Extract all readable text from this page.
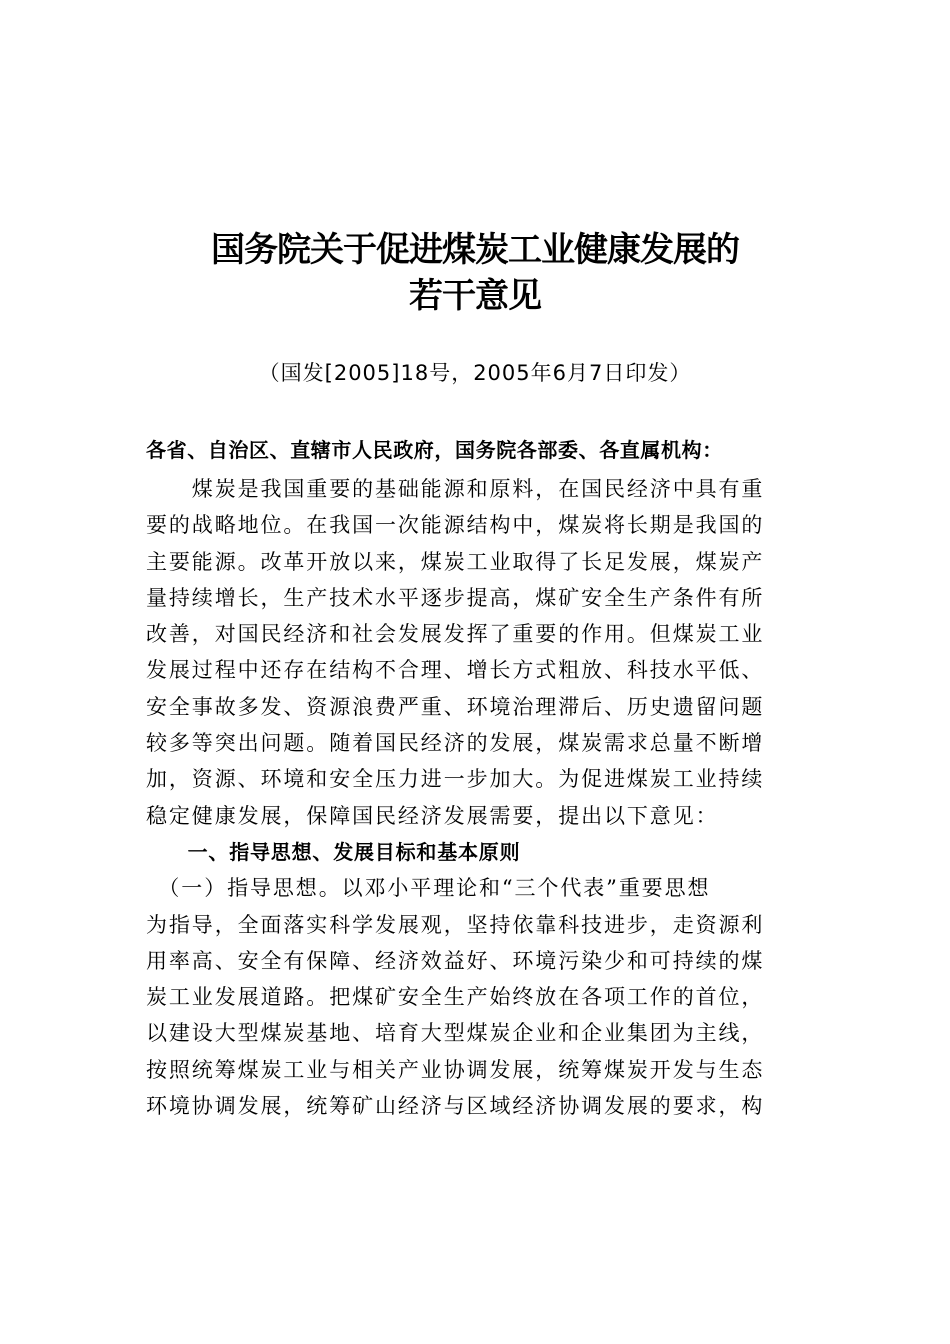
国务院关于促进煤炭工业健康发展的
若干意见
（国发[2005]18号，2005年6月7日印发）
各省、自治区、直辖市人民政府，国务院各部委、各直属机构：
　　煤炭是我国重要的基础能源和原料，在国民经济中具有重
要的战略地位。在我国一次能源结构中，煤炭将长期是我国的
主要能源。改革开放以来，煤炭工业取得了长足发展，煤炭产
量持续增长，生产技术水平逐步提高，煤矿安全生产条件有所
改善，对国民经济和社会发展发挥了重要的作用。但煤炭工业
发展过程中还存在结构不合理、增长方式粗放、科技水平低、
安全事故多发、资源浪费严重、环境治理滞后、历史遗留问题
较多等突出问题。随着国民经济的发展，煤炭需求总量不断增
加，资源、环境和安全压力进一步加大。为促进煤炭工业持续
稳定健康发展，保障国民经济发展需要，提出以下意见：
　　一、指导思想、发展目标和基本原则
　（一）指导思想。以邓小平理论和“三个代表”重要思想
为指导，全面落实科学发展观，坚持依靠科技进步，走资源利
用率高、安全有保障、经济效益好、环境污染少和可持续的煤
炭工业发展道路。把煤矿安全生产始终放在各项工作的首位，
以建设大型煤炭基地、培育大型煤炭企业和企业集团为主线，
按照统筹煤炭工业与相关产业协调发展，统筹煤炭开发与生态
环境协调发展，统筹矿山经济与区域经济协调发展的要求，构
